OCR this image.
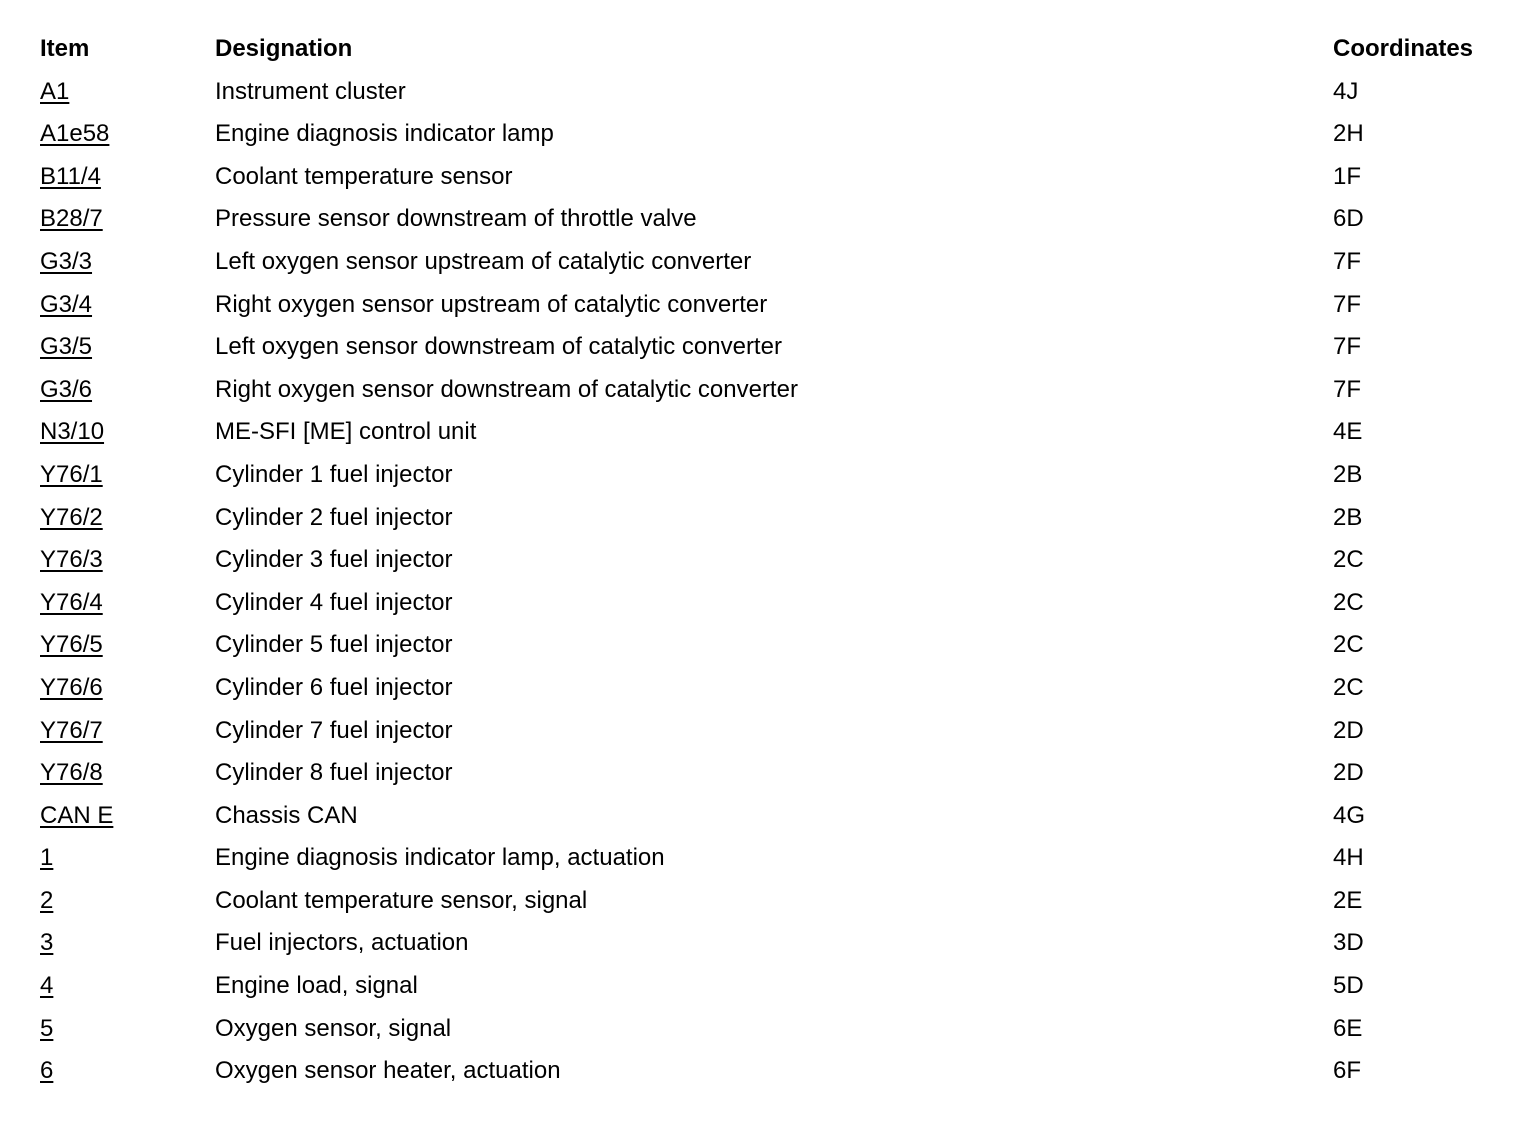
Item	Designation	Coordinates
A1	Instrument cluster	4J
A1e58	Engine diagnosis indicator lamp	2H
B11/4	Coolant temperature sensor	1F
B28/7	Pressure sensor downstream of throttle valve	6D
G3/3	Left oxygen sensor upstream of catalytic converter	7F
G3/4	Right oxygen sensor upstream of catalytic converter	7F
G3/5	Left oxygen sensor downstream of catalytic converter	7F
G3/6	Right oxygen sensor downstream of catalytic converter	7F
N3/10	ME-SFI [ME] control unit	4E
Y76/1	Cylinder 1 fuel injector	2B
Y76/2	Cylinder 2 fuel injector	2B
Y76/3	Cylinder 3 fuel injector	2C
Y76/4	Cylinder 4 fuel injector	2C
Y76/5	Cylinder 5 fuel injector	2C
Y76/6	Cylinder 6 fuel injector	2C
Y76/7	Cylinder 7 fuel injector	2D
Y76/8	Cylinder 8 fuel injector	2D
CAN E	Chassis CAN	4G
1	Engine diagnosis indicator lamp, actuation	4H
2	Coolant temperature sensor, signal	2E
3	Fuel injectors, actuation	3D
4	Engine load, signal	5D
5	Oxygen sensor, signal	6E
6	Oxygen sensor heater, actuation	6F
